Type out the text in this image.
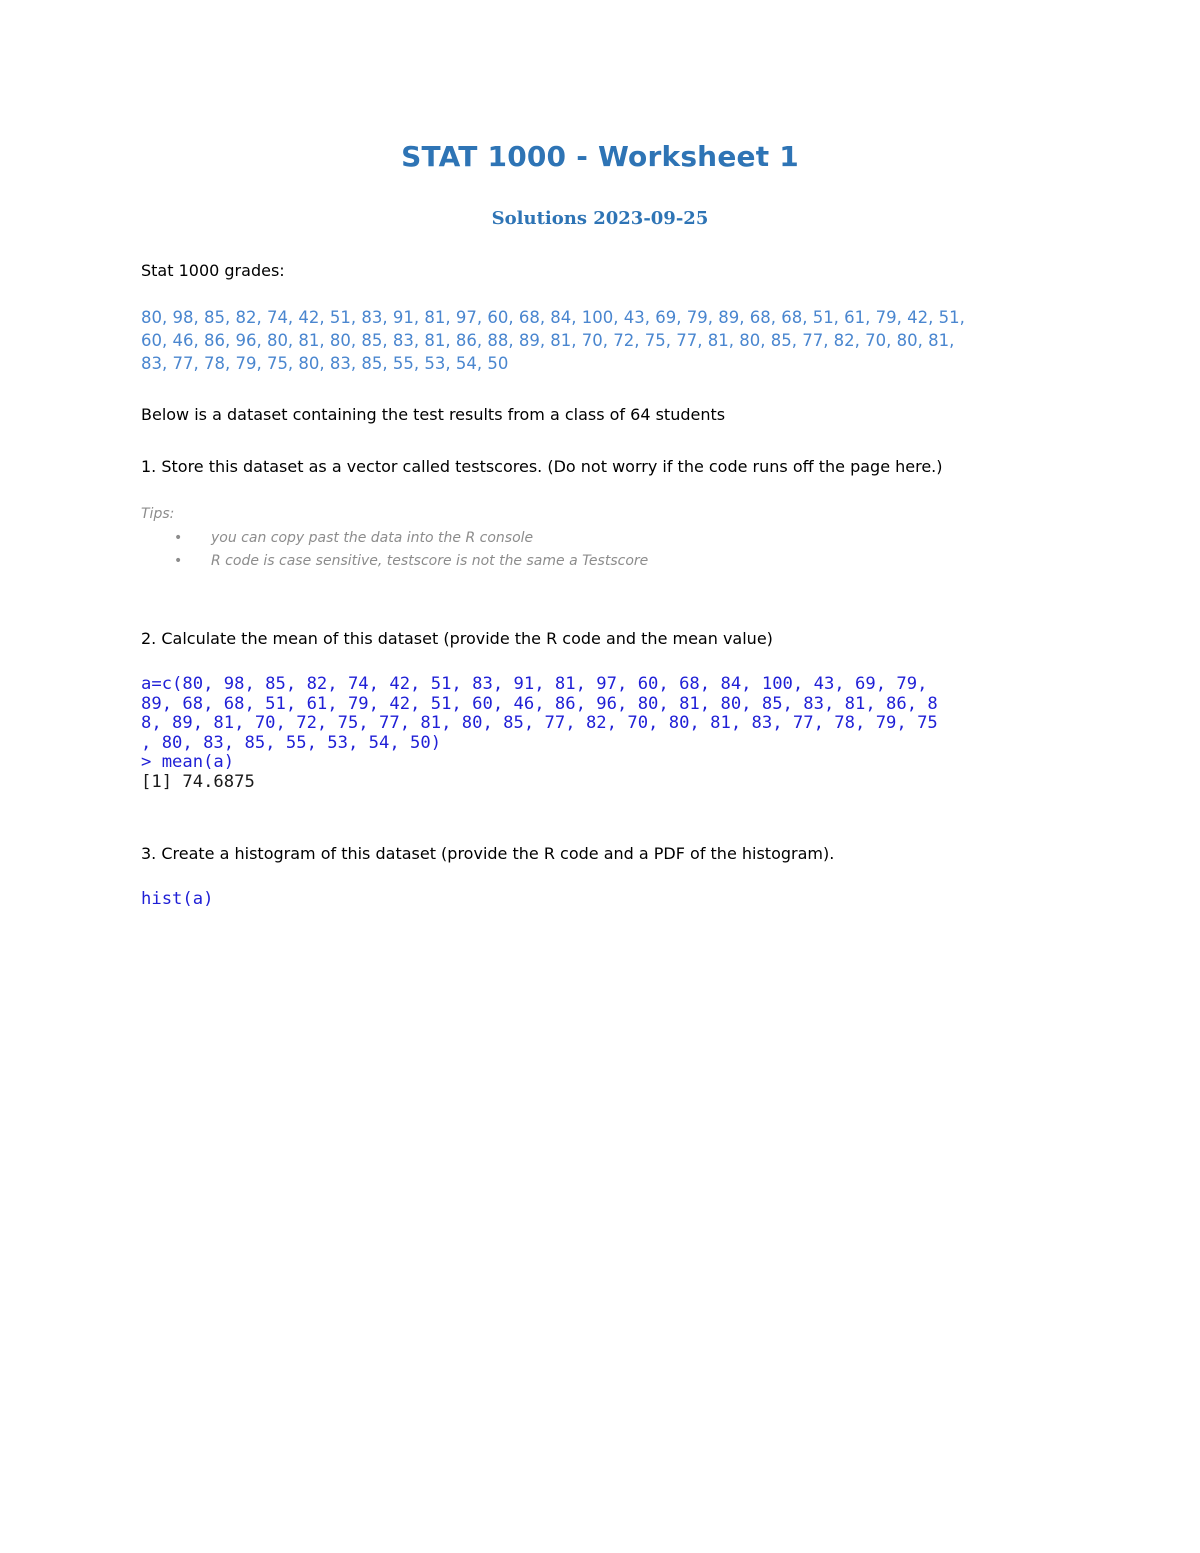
STAT 1000 - Worksheet 1
Solutions 2023-09-25
Stat 1000 grades:
80, 98, 85, 82, 74, 42, 51, 83, 91, 81, 97, 60, 68, 84, 100, 43, 69, 79, 89, 68, 68, 51, 61, 79, 42, 51,
60, 46, 86, 96, 80, 81, 80, 85, 83, 81, 86, 88, 89, 81, 70, 72, 75, 77, 81, 80, 85, 77, 82, 70, 80, 81,
83, 77, 78, 79, 75, 80, 83, 85, 55, 53, 54, 50
Below is a dataset containing the test results from a class of 64 students
1. Store this dataset as a vector called testscores. (Do not worry if the code runs off the page here.)
Tips:
• you can copy past the data into the R console
• R code is case sensitive, testscore is not the same a Testscore
2. Calculate the mean of this dataset (provide the R code and the mean value)
a=c(80, 98, 85, 82, 74, 42, 51, 83, 91, 81, 97, 60, 68, 84, 100, 43, 69, 79,
89, 68, 68, 51, 61, 79, 42, 51, 60, 46, 86, 96, 80, 81, 80, 85, 83, 81, 86, 8
8, 89, 81, 70, 72, 75, 77, 81, 80, 85, 77, 82, 70, 80, 81, 83, 77, 78, 79, 75
, 80, 83, 85, 55, 53, 54, 50)
> mean(a)
[1] 74.6875
3. Create a histogram of this dataset (provide the R code and a PDF of the histogram).
hist(a)
